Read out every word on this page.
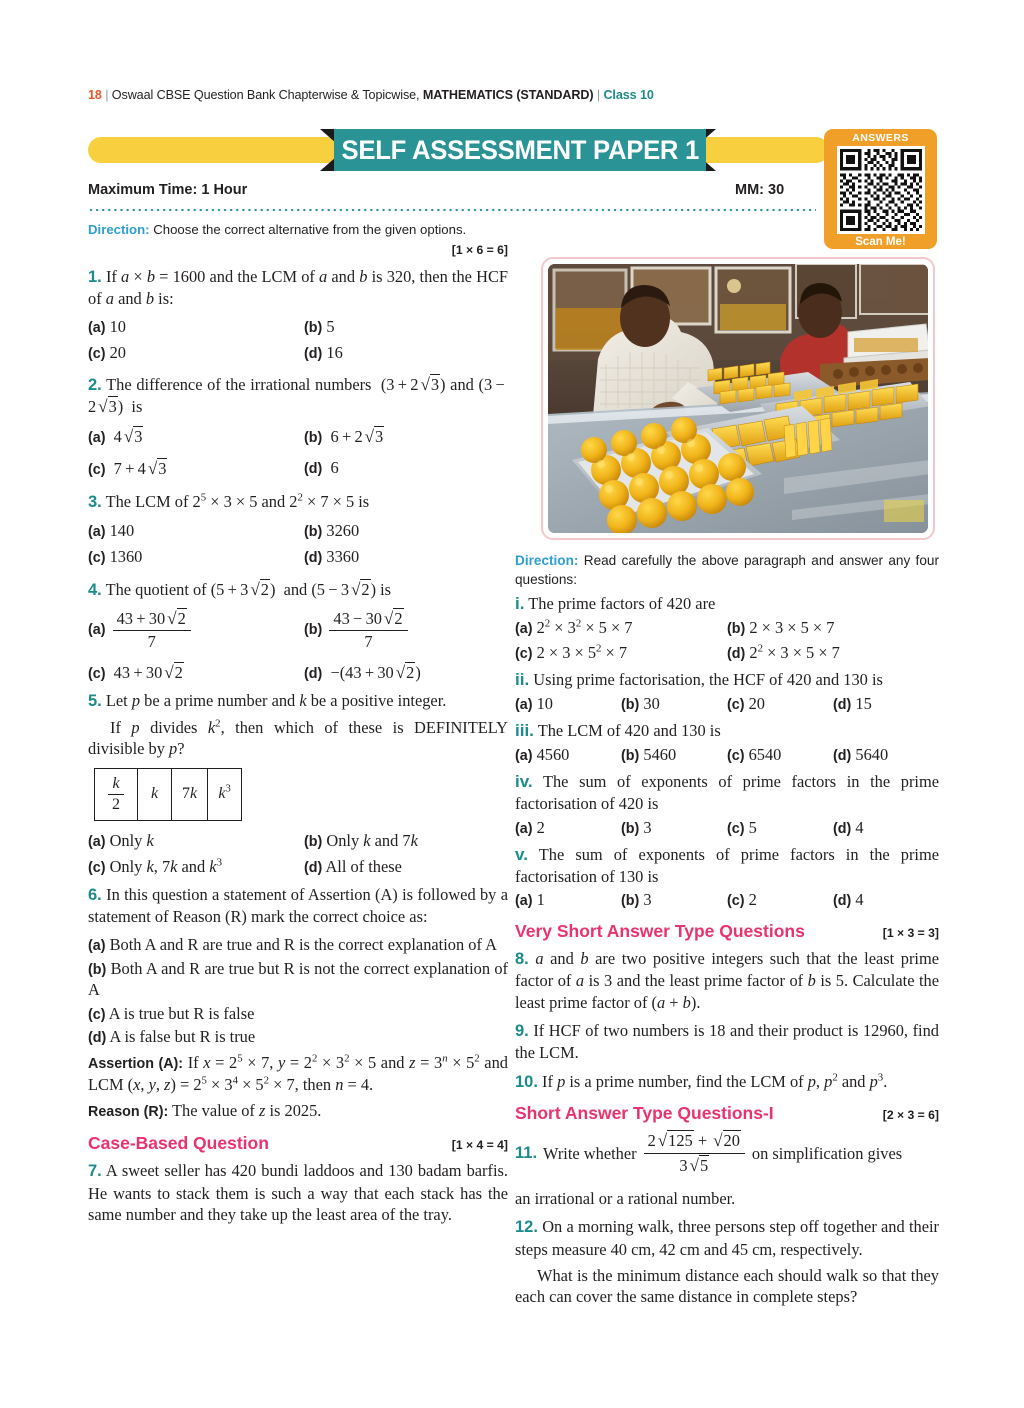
18 | Oswaal CBSE Question Bank Chapterwise & Topicwise, MATHEMATICS (STANDARD) | Class 10
SELF ASSESSMENT PAPER 1	ANSWERS
Scan Me!
Maximum Time: 1 Hour	MM: 30
Direction: Choose the correct alternative from the given options.
[1 × 6 = 6]
1. If a × b = 1600 and the LCM of a and b is 320, then the HCF of a and b is:
(a) 10	(b) 5
(c) 20	(d) 16
2. The difference of the irrational numbers  (3 + 2 √3) and (3 − 2 √3)  is
(a)  4 √3	(b)  6 + 2 √3
(c)  7 + 4 √3	(d)  6
3. The LCM of $2^5 \times 3 \times 5$ and $2^2 \times 7 \times 5$ is
(a) 140	(b) 3260
(c) 1360	(d) 3360
4. The quotient of (5 + 3 √2)  and (5 − 3 √2) is
$(a) \frac{43 + 30 √2}{7}$	$(b) \frac{43 - 30 √2}{7}$
(c)  43 + 30 √2	(d)  −(43 + 30 √2)
5. Let p be a prime number and k be a positive integer.
If p divides $k^2$, then which of these is DEFINITELY divisible by p?
$\frac{k}{2}$	k	7k	$k^3$
(a) Only k	(b) Only k and 7k
(c) Only k, 7k and $k^3$	(d) All of these
6. In this question a statement of Assertion (A) is followed by a statement of Reason (R) mark the correct choice as:
(a) Both A and R are true and R is the correct explanation of A
(b) Both A and R are true but R is not the correct explanation of A
(c) A is true but R is false
(d) A is false but R is true
Assertion (A): If $x = 2^5 \times 7$, $y = 2^2 \times 3^2 \times 5$ and $z = 3^n \times 5^2$ and LCM (x, y, $z) = 2^5 \times 3^4 \times 5^2 \times 7$, then n = 4.
Reason (R): The value of z is 2025.
Case-Based Question	[1 × 4 = 4]
7. A sweet seller has 420 bundi laddoos and 130 badam barfis. He wants to stack them is such a way that each stack has the same number and they take up the least area of the tray.
Direction: Read carefully the above paragraph and answer any four questions:
i. The prime factors of 420 are
(a) $2^2 \times 3^2 \times 5 \times 7$	(b) 2 × 3 × 5 × 7
(c) $2 \times 3 \times 5^2 \times 7$	(d) $2^2 \times 3 \times 5 \times 7$
ii. Using prime factorisation, the HCF of 420 and 130 is
(a) 10	(b) 30	(c) 20	(d) 15
iii. The LCM of 420 and 130 is
(a) 4560	(b) 5460	(c) 6540	(d) 5640
iv. The sum of exponents of prime factors in the prime factorisation of 420 is
(a) 2	(b) 3	(c) 5	(d) 4
v. The sum of exponents of prime factors in the prime factorisation of 130 is
(a) 1	(b) 3	(c) 2	(d) 4
Very Short Answer Type Questions	[1 × 3 = 3]
8. a and b are two positive integers such that the least prime factor of a is 3 and the least prime factor of b is 5. Calculate the least prime factor of (a + b).
9. If HCF of two numbers is 18 and their product is 12960, find the LCM.
10. If p is a prime number, find the LCM of p, $p^2$ and $p^3$.
Short Answer Type Questions-I	[2 × 3 = 6]
11. Write whether $\frac{2 √125 + √20}{3 √5}$ on simplification gives
an irrational or a rational number.
12. On a morning walk, three persons step off together and their steps measure 40 cm, 42 cm and 45 cm, respectively.
What is the minimum distance each should walk so that they each can cover the same distance in complete steps?
